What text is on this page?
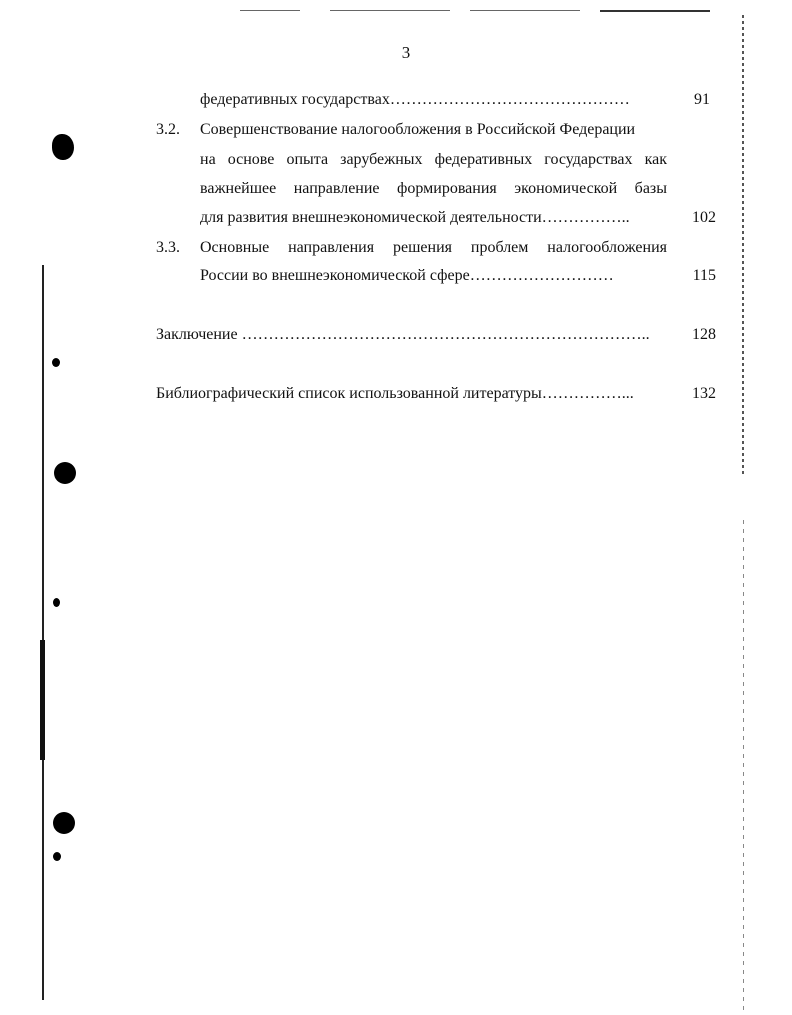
3
федеративных государствах………………………………………	91
3.2. Совершенствование налогообложения в Российской Федерации
на основе опыта зарубежных федеративных государствах как
важнейшее направление формирования экономической базы
для развития внешнеэкономической деятельности……………..	102
3.3. Основные направления решения проблем налогообложения
России во внешнеэкономической сфере………………………	115
Заключение …………………………………………………………………..	128
Библиографический список использованной литературы……………...	132
